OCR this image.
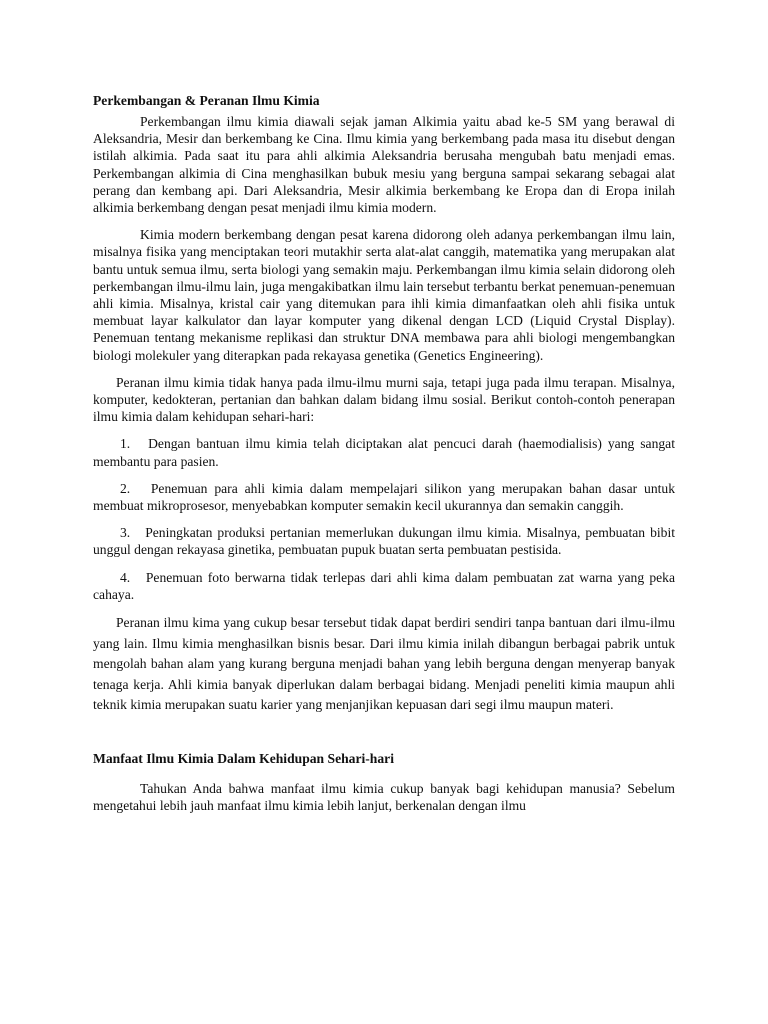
Perkembangan & Peranan Ilmu Kimia

Perkembangan ilmu kimia diawali sejak jaman Alkimia yaitu abad ke-5 SM yang berawal di Aleksandria, Mesir dan berkembang ke Cina. Ilmu kimia yang berkembang pada masa itu disebut dengan istilah alkimia. Pada saat itu para ahli alkimia Aleksandria berusaha mengubah batu menjadi emas. Perkembangan alkimia di Cina menghasilkan bubuk mesiu yang berguna sampai sekarang sebagai alat perang dan kembang api. Dari Aleksandria, Mesir alkimia berkembang ke Eropa dan di Eropa inilah alkimia berkembang dengan pesat menjadi ilmu kimia modern.

Kimia modern berkembang dengan pesat karena didorong oleh adanya perkembangan ilmu lain, misalnya fisika yang menciptakan teori mutakhir serta alat-alat canggih, matematika yang merupakan alat bantu untuk semua ilmu, serta biologi yang semakin maju. Perkembangan ilmu kimia selain didorong oleh perkembangan ilmu-ilmu lain, juga mengakibatkan ilmu lain tersebut terbantu berkat penemuan-penemuan ahli kimia. Misalnya, kristal cair yang ditemukan para ihli kimia dimanfaatkan oleh ahli fisika untuk membuat layar kalkulator dan layar komputer yang dikenal dengan LCD (Liquid Crystal Display). Penemuan tentang mekanisme replikasi dan struktur DNA membawa para ahli biologi mengembangkan biologi molekuler yang diterapkan pada rekayasa genetika (Genetics Engineering).

Peranan ilmu kimia tidak hanya pada ilmu-ilmu murni saja, tetapi juga pada ilmu terapan. Misalnya, komputer, kedokteran, pertanian dan bahkan dalam bidang ilmu sosial. Berikut contoh-contoh penerapan ilmu kimia dalam kehidupan sehari-hari:

1.   Dengan bantuan ilmu kimia telah diciptakan alat pencuci darah (haemodialisis) yang sangat membantu para pasien.

2.   Penemuan para ahli kimia dalam mempelajari silikon yang merupakan bahan dasar untuk membuat mikroprosesor, menyebabkan komputer semakin kecil ukurannya dan semakin canggih.

3.   Peningkatan produksi pertanian memerlukan dukungan ilmu kimia. Misalnya, pembuatan bibit unggul dengan rekayasa ginetika, pembuatan pupuk buatan serta pembuatan pestisida.

4.   Penemuan foto berwarna tidak terlepas dari ahli kima dalam pembuatan zat warna yang peka cahaya.

Peranan ilmu kima yang cukup besar tersebut tidak dapat berdiri sendiri tanpa bantuan dari ilmu-ilmu yang lain. Ilmu kimia menghasilkan bisnis besar. Dari ilmu kimia inilah dibangun berbagai pabrik untuk mengolah bahan alam yang kurang berguna menjadi bahan yang lebih berguna dengan menyerap banyak tenaga kerja. Ahli kimia banyak diperlukan dalam berbagai bidang. Menjadi peneliti kimia maupun ahli teknik kimia merupakan suatu karier yang menjanjikan kepuasan dari segi ilmu maupun materi.

Manfaat Ilmu Kimia Dalam Kehidupan Sehari-hari

Tahukan Anda bahwa manfaat ilmu kimia cukup banyak bagi kehidupan manusia? Sebelum mengetahui lebih jauh manfaat ilmu kimia lebih lanjut, berkenalan dengan ilmu
